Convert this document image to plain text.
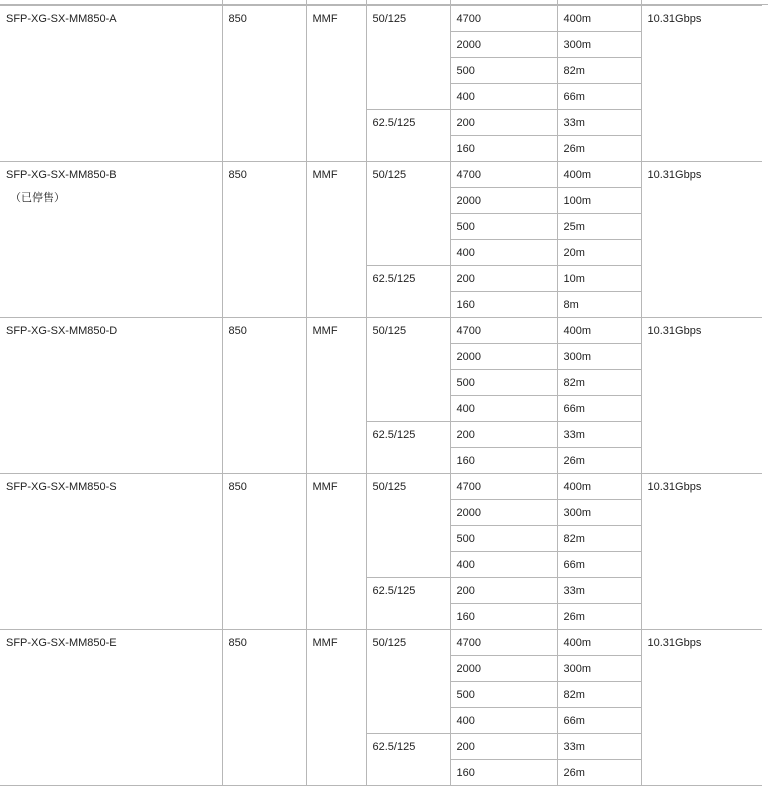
SFP-XG-SX-MM850-A	850	MMF	50/125	4700	400m	10.31Gbps
				2000	300m	
				500	82m	
				400	66m	
			62.5/125	200	33m	
				160	26m	
SFP-XG-SX-MM850-B
（已停售）	850	MMF	50/125	4700	400m	10.31Gbps
				2000	100m	
				500	25m	
				400	20m	
			62.5/125	200	10m	
				160	8m	
SFP-XG-SX-MM850-D	850	MMF	50/125	4700	400m	10.31Gbps
				2000	300m	
				500	82m	
				400	66m	
			62.5/125	200	33m	
				160	26m	
SFP-XG-SX-MM850-S	850	MMF	50/125	4700	400m	10.31Gbps
				2000	300m	
				500	82m	
				400	66m	
			62.5/125	200	33m	
				160	26m	
SFP-XG-SX-MM850-E	850	MMF	50/125	4700	400m	10.31Gbps
				2000	300m	
				500	82m	
				400	66m	
			62.5/125	200	33m	
				160	26m	
